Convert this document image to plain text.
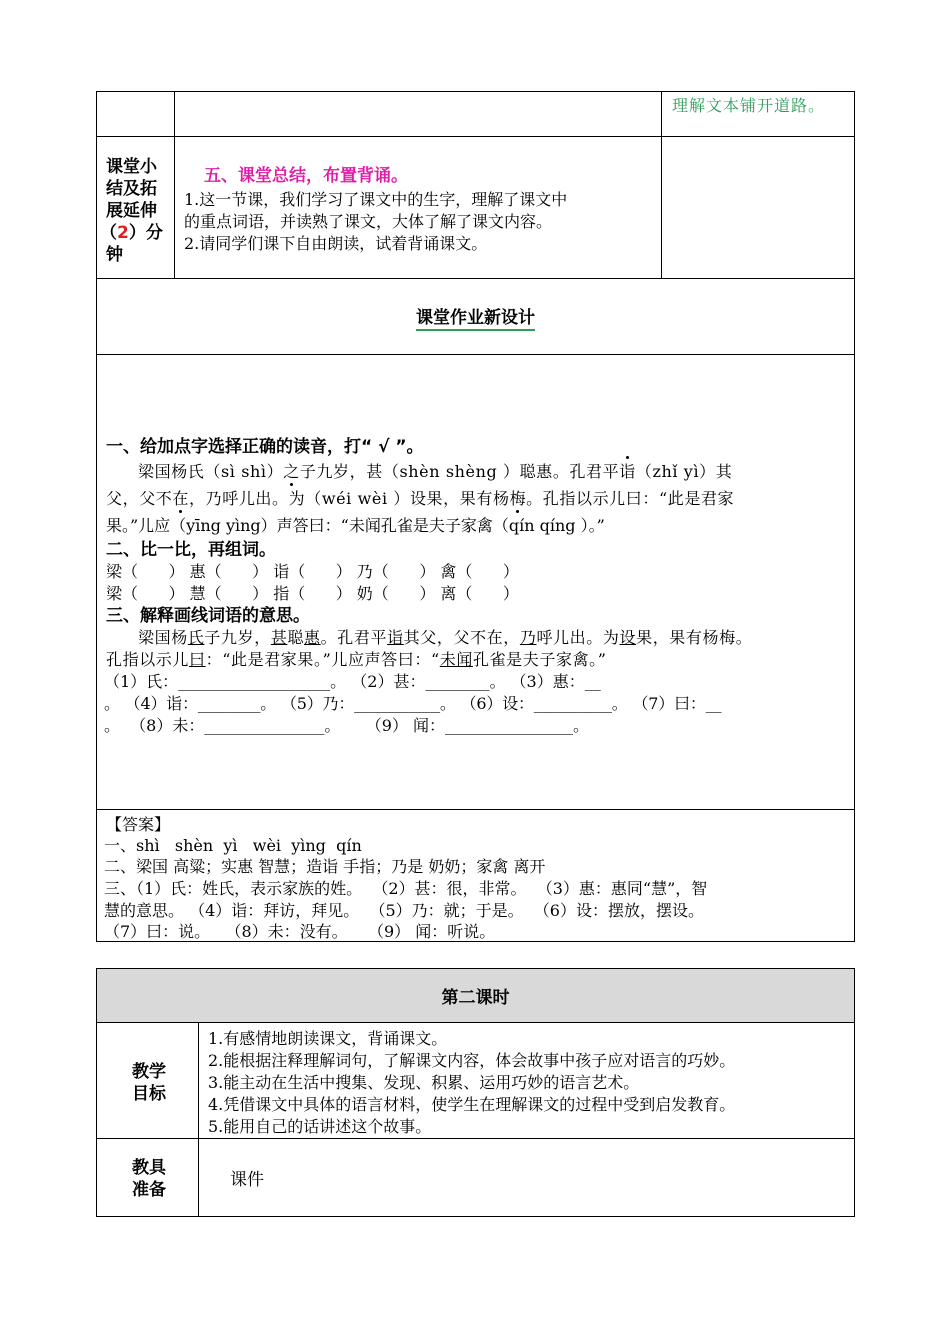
理解文本铺开道路。
课堂小
结及拓
展延伸
（2）分
钟
五、课堂总结，布置背诵。
1.这一节课，我们学习了课文中的生字，理解了课文中
的重点词语，并读熟了课文，大体了解了课文内容。
2.请同学们课下自由朗读，试着背诵课文。
课堂作业新设计
一、给加点字选择正确的读音，打“ √ ”。
梁国杨氏（sì shì）之子九岁，甚（shèn shèng ）聪惠。孔君平诣（zhǐ yì）其
父，父不在，乃呼儿出。为（wéi wèi ）设果，果有杨梅。孔指以示儿曰：“此是君家
果。”儿应（yīng yìng）声答曰：“未闻孔雀是夫子家禽（qín qíng ）。”
二、比一比，再组词。
梁（      ） 惠（      ） 诣（      ） 乃（      ） 禽（      ）
梁（      ） 慧（      ） 指（      ） 奶（      ） 离（      ）
三、解释画线词语的意思。
梁国杨氏子九岁，甚聪惠。孔君平诣其父，父不在，乃呼儿出。为设果，果有杨梅。
孔指以示儿曰：“此是君家果。”儿应声答曰：“未闻孔雀是夫子家禽。”
（1）氏：___________________。 （2）甚：________。 （3）惠：__
。 （4）诣：________。 （5）乃：___________。 （6）设：__________。 （7）曰：__
。  （8）未：_______________。     （9） 闻：________________。
【答案】
一、shì   shèn  yì   wèi  yìng  qín
二、梁国 高粱；实惠 智慧；造诣 手指；乃是 奶奶；家禽 离开
三、（1）氏：姓氏，表示家族的姓。  （2）甚：很，非常。  （3）惠：惠同“慧”，智
慧的意思。 （4）诣：拜访，拜见。  （5）乃：就；于是。  （6）设：摆放，摆设。
（7）曰：说。   （8）未：没有。    （9） 闻：听说。
第二课时
教学
目标
1.有感情地朗读课文，背诵课文。
2.能根据注释理解词句，了解课文内容，体会故事中孩子应对语言的巧妙。
3.能主动在生活中搜集、发现、积累、运用巧妙的语言艺术。
4.凭借课文中具体的语言材料，使学生在理解课文的过程中受到启发教育。
5.能用自己的话讲述这个故事。
教具
准备	课件
